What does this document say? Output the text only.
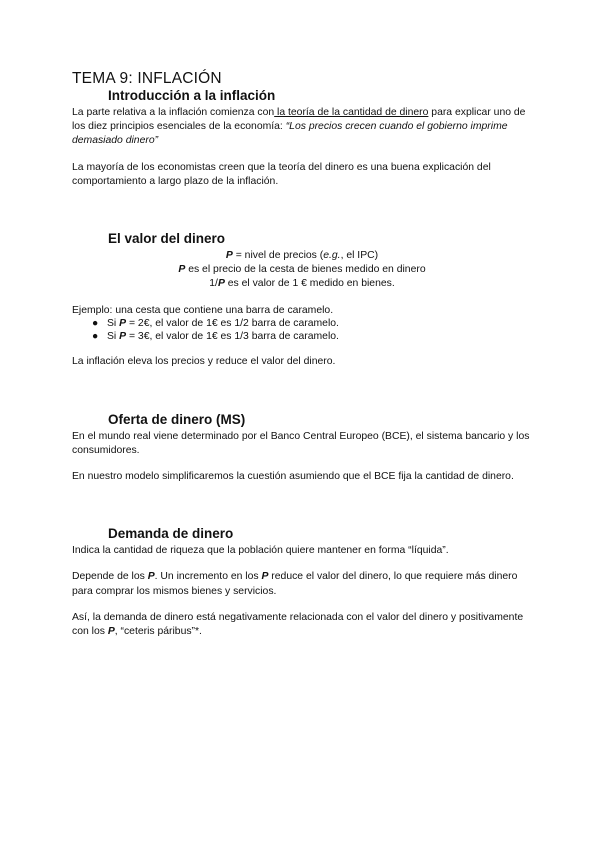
TEMA 9: INFLACIÓN
Introducción a la inflación

La parte relativa a la inflación comienza con la teoría de la cantidad de dinero para explicar uno de los diez principios esenciales de la economía: “Los precios crecen cuando el gobierno imprime demasiado dinero”

La mayoría de los economistas creen que la teoría del dinero es una buena explicación del comportamiento a largo plazo de la inflación.

El valor del dinero

P = nivel de precios (e.g., el IPC)

P es el precio de la cesta de bienes medido en dinero

1/P es el valor de 1 € medido en bienes.

Ejemplo: una cesta que contiene una barra de caramelo.

● Si P = 2€, el valor de 1€ es 1/2 barra de caramelo.
● Si P = 3€, el valor de 1€ es 1/3 barra de caramelo.

La inflación eleva los precios y reduce el valor del dinero.

Oferta de dinero (MS)

En el mundo real viene determinado por el Banco Central Europeo (BCE), el sistema bancario y los consumidores.

En nuestro modelo simplificaremos la cuestión asumiendo que el BCE fija la cantidad de dinero.

Demanda de dinero

Indica la cantidad de riqueza que la población quiere mantener en forma “líquida”.

Depende de los P. Un incremento en los P reduce el valor del dinero, lo que requiere más dinero para comprar los mismos bienes y servicios.

Así, la demanda de dinero está negativamente relacionada con el valor del dinero y positivamente con los P, “ceteris páribus”*.
